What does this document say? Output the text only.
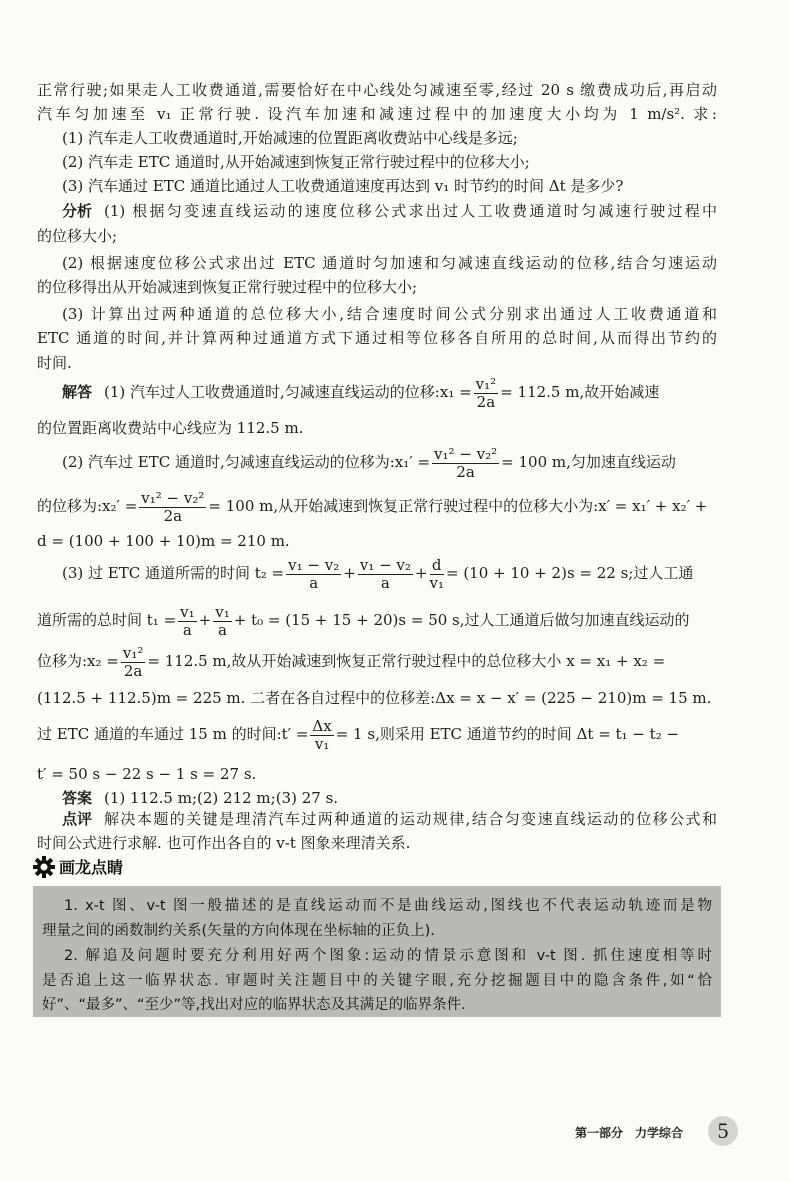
正常行驶;如果走人工收费通道,需要恰好在中心线处匀减速至零,经过 20 s 缴费成功后,再启动
汽车匀加速至 v₁ 正常行驶. 设汽车加速和减速过程中的加速度大小均为 1 m/s². 求:
(1) 汽车走人工收费通道时,开始减速的位置距离收费站中心线是多远;
(2) 汽车走 ETC 通道时,从开始减速到恢复正常行驶过程中的位移大小;
(3) 汽车通过 ETC 通道比通过人工收费通道速度再达到 v₁ 时节约的时间 Δt 是多少?
分析 (1) 根据匀变速直线运动的速度位移公式求出过人工收费通道时匀减速行驶过程中
的位移大小;
(2) 根据速度位移公式求出过 ETC 通道时匀加速和匀减速直线运动的位移,结合匀速运动
的位移得出从开始减速到恢复正常行驶过程中的位移大小;
(3) 计算出过两种通道的总位移大小,结合速度时间公式分别求出通过人工收费通道和
ETC 通道的时间,并计算两种过通道方式下通过相等位移各自所用的总时间,从而得出节约的
时间.
解答 (1) 汽车过人工收费通道时,匀减速直线运动的位移:x₁ = $\frac{\text{v₁²}}{2a} = 112.5$ m,故开始减速
的位置距离收费站中心线应为 112.5 m.
(2) 汽车过 ETC 通道时,匀减速直线运动的位移为:x₁′ = $\frac{\text{v₁² − v₂²}}{2a} = 100$ m,匀加速直线运动
的位移为:x₂′ = $\frac{\text{v₁² − v₂²}}{2a} = 100$ m,从开始减速到恢复正常行驶过程中的位移大小为:x′ = x₁′ + x₂′ +
d = (100 + 100 + 10)m = 210 m.
(3) 过 ETC 通道所需的时间 $t_2 = \frac{\text{v₁ − v₂}}{a} + \frac{\text{v₁ − v₂}}{a} + \frac{d}{\text{v₁}} = (10 + 10 + 2)s = 22$ s;过人工通
道所需的总时间 $t_1 = \frac{\text{v₁}}{a} + \frac{\text{v₁}}{a} + t_0 = (15 + 15 + 20)s = 50$ s,过人工通道后做匀加速直线运动的
位移为:x₂ = $\frac{\text{v₁²}}{2a} = 112.5$ m,故从开始减速到恢复正常行驶过程中的总位移大小 x = x₁ + x₂ =
(112.5 + 112.5)m = 225 m. 二者在各自过程中的位移差:Δx = x − x′ = (225 − 210)m = 15 m.
过 ETC 通道的车通过 15 m 的时间:t′ = $\frac{\Delta x}{\text{v₁}} = 1$ s,则采用 ETC 通道节约的时间 Δt = t₁ − t₂ −
t′ = 50 s − 22 s − 1 s = 27 s.
答案 (1) 112.5 m;(2) 212 m;(3) 27 s.
点评 解决本题的关键是理清汽车过两种通道的运动规律,结合匀变速直线运动的位移公式和
时间公式进行求解. 也可作出各自的 v-t 图象来理清关系.
画龙点睛
1. x-t 图、v-t 图一般描述的是直线运动而不是曲线运动,图线也不代表运动轨迹而是物
理量之间的函数制约关系(矢量的方向体现在坐标轴的正负上).
2. 解追及问题时要充分利用好两个图象:运动的情景示意图和 v-t 图. 抓住速度相等时
是否追上这一临界状态. 审题时关注题目中的关键字眼,充分挖掘题目中的隐含条件,如“恰
好”、“最多”、“至少”等,找出对应的临界状态及其满足的临界条件.
第一部分　力学综合	5
